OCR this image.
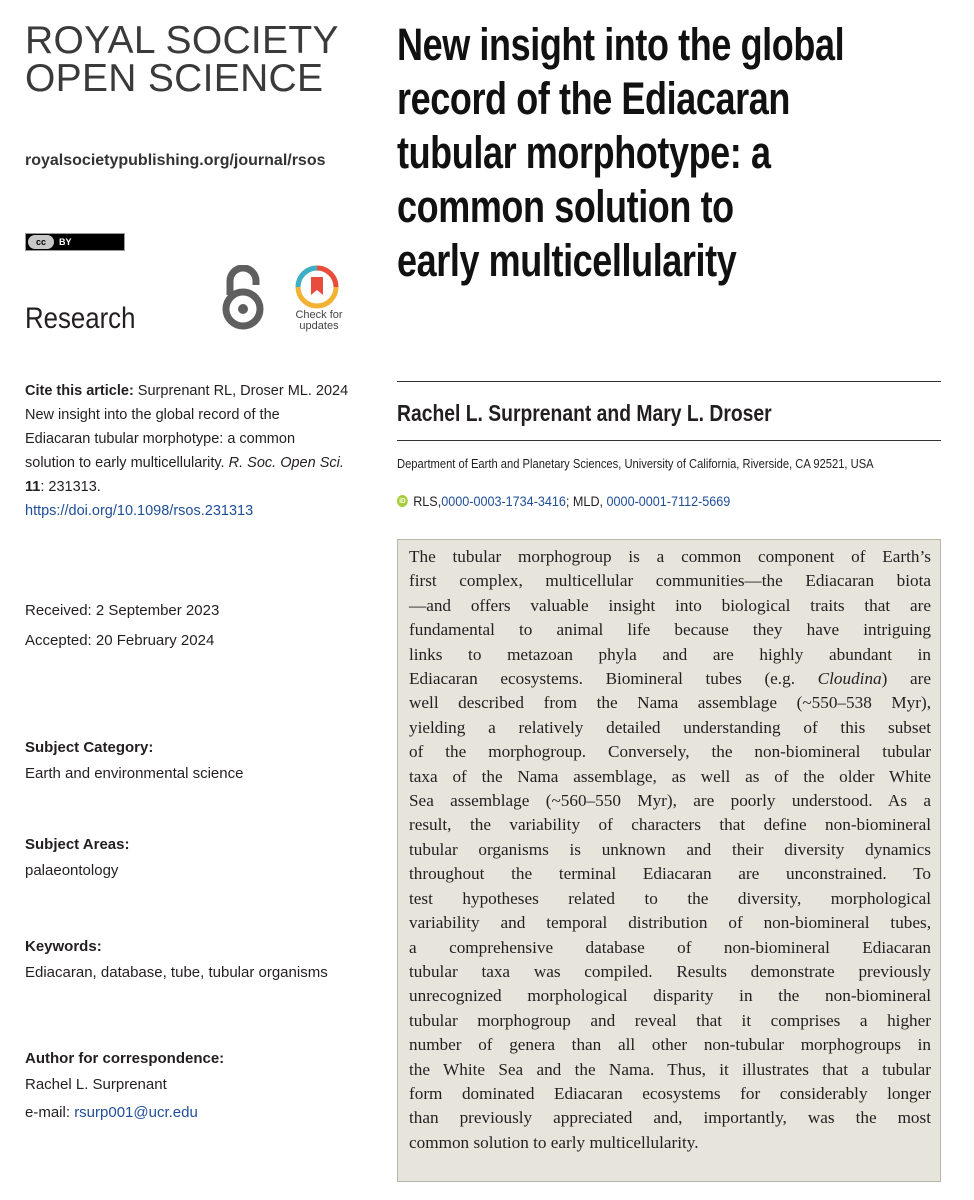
ROYAL SOCIETY
OPEN SCIENCE
royalsocietypublishing.org/journal/rsos
cc	BY
Research	Check for
updates
Cite this article: Surprenant RL, Droser ML. 2024
New insight into the global record of the
Ediacaran tubular morphotype: a common
solution to early multicellularity. R. Soc. Open Sci.
11: 231313.
https://doi.org/10.1098/rsos.231313
Received: 2 September 2023
Accepted: 20 February 2024
Subject Category:
Earth and environmental science
Subject Areas:
palaeontology
Keywords:
Ediacaran, database, tube, tubular organisms
Author for correspondence:
Rachel L. Surprenant
e-mail: rsurp001@ucr.edu
New insight into the global
record of the Ediacaran
tubular morphotype: a
common solution to
early multicellularity
Rachel L. Surprenant and Mary L. Droser
Department of Earth and Planetary Sciences, University of California, Riverside, CA 92521, USA
iD RLS, 0000-0003-1734-3416 ; MLD, 0000-0001-7112-5669
The tubular morphogroup is a common component of Earth’s
first complex, multicellular communities—the Ediacaran biota
—and offers valuable insight into biological traits that are
fundamental to animal life because they have intriguing
links to metazoan phyla and are highly abundant in
Ediacaran ecosystems. Biomineral tubes (e.g. Cloudina) are
well described from the Nama assemblage (~550–538 Myr),
yielding a relatively detailed understanding of this subset
of the morphogroup. Conversely, the non-biomineral tubular
taxa of the Nama assemblage, as well as of the older White
Sea assemblage (~560–550 Myr), are poorly understood. As a
result, the variability of characters that define non-biomineral
tubular organisms is unknown and their diversity dynamics
throughout the terminal Ediacaran are unconstrained. To
test hypotheses related to the diversity, morphological
variability and temporal distribution of non-biomineral tubes,
a comprehensive database of non-biomineral Ediacaran
tubular taxa was compiled. Results demonstrate previously
unrecognized morphological disparity in the non-biomineral
tubular morphogroup and reveal that it comprises a higher
number of genera than all other non-tubular morphogroups in
the White Sea and the Nama. Thus, it illustrates that a tubular
form dominated Ediacaran ecosystems for considerably longer
than previously appreciated and, importantly, was the most
common solution to early multicellularity.
